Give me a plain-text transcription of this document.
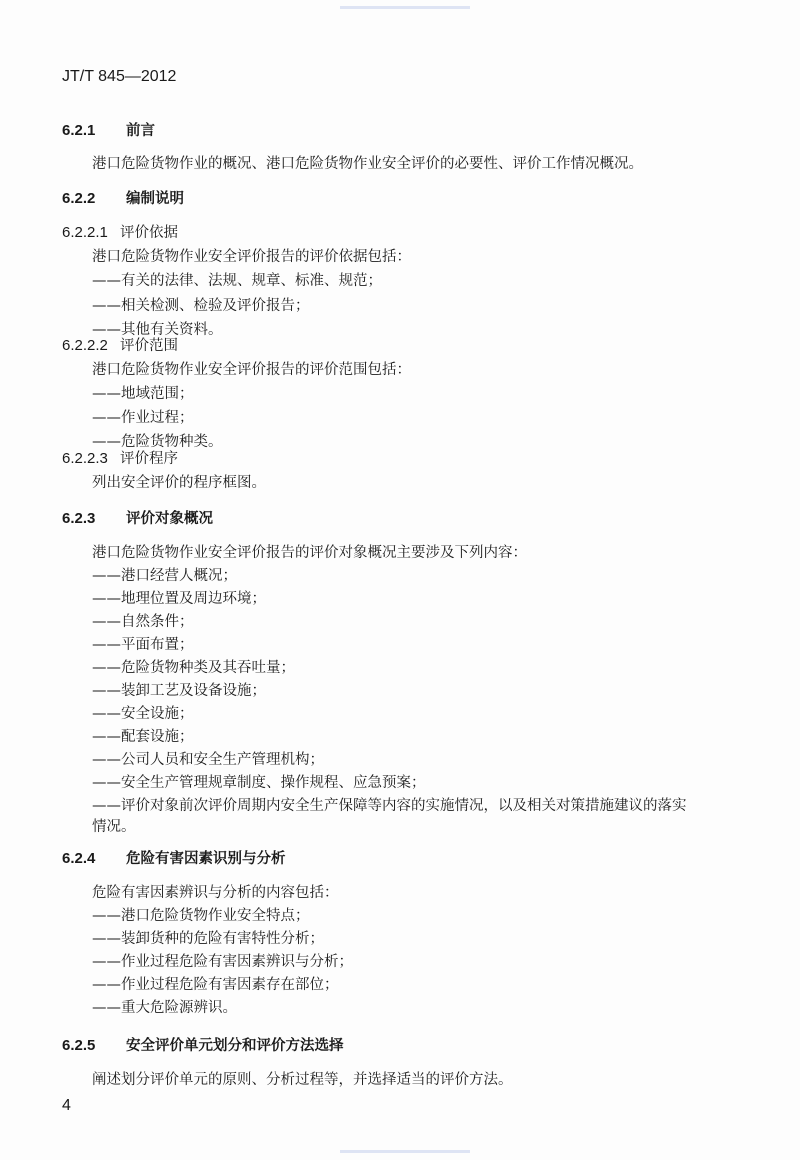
JT/T 845—2012
6.2.1 前言
港口危险货物作业的概况、港口危险货物作业安全评价的必要性、评价工作情况概况。
6.2.2 编制说明
6.2.2.1 评价依据
港口危险货物作业安全评价报告的评价依据包括：
——有关的法律、法规、规章、标准、规范；
——相关检测、检验及评价报告；
——其他有关资料。
6.2.2.2 评价范围
港口危险货物作业安全评价报告的评价范围包括：
——地域范围；
——作业过程；
——危险货物种类。
6.2.2.3 评价程序
列出安全评价的程序框图。
6.2.3 评价对象概况
港口危险货物作业安全评价报告的评价对象概况主要涉及下列内容：
——港口经营人概况；
——地理位置及周边环境；
——自然条件；
——平面布置；
——危险货物种类及其吞吐量；
——装卸工艺及设备设施；
——安全设施；
——配套设施；
——公司人员和安全生产管理机构；
——安全生产管理规章制度、操作规程、应急预案；
——评价对象前次评价周期内安全生产保障等内容的实施情况，以及相关对策措施建议的落实
情况。
6.2.4 危险有害因素识别与分析
危险有害因素辨识与分析的内容包括：
——港口危险货物作业安全特点；
——装卸货种的危险有害特性分析；
——作业过程危险有害因素辨识与分析；
——作业过程危险有害因素存在部位；
——重大危险源辨识。
6.2.5 安全评价单元划分和评价方法选择
阐述划分评价单元的原则、分析过程等，并选择适当的评价方法。
4
